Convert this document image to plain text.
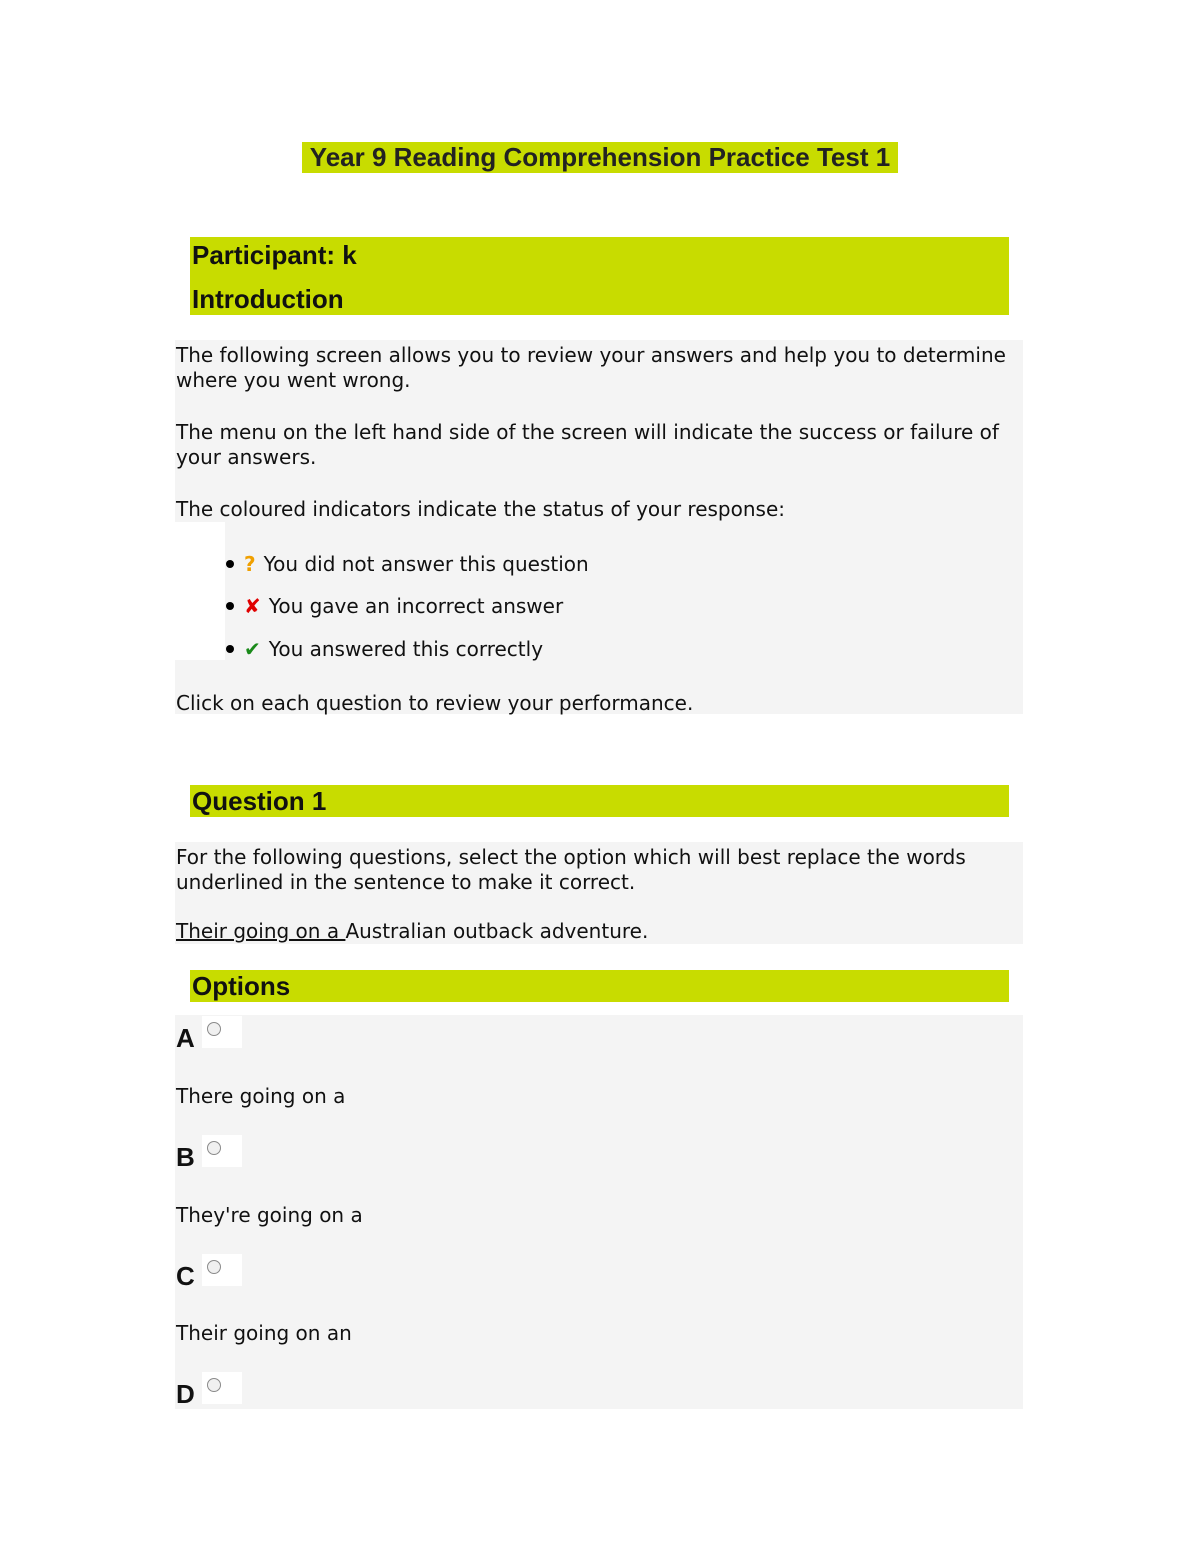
Year 9 Reading Comprehension Practice Test 1
Participant: k
Introduction
The following screen allows you to review your answers and help you to determine where you went wrong.
The menu on the left hand side of the screen will indicate the success or failure of your answers.
The coloured indicators indicate the status of your response:
? You did not answer this question
✘ You gave an incorrect answer
✔ You answered this correctly
Click on each question to review your performance.
Question 1
For the following questions, select the option which will best replace the words underlined in the sentence to make it correct.
Their going on a Australian outback adventure.
Options
A
There going on a
B
They're going on a
C
Their going on an
D
